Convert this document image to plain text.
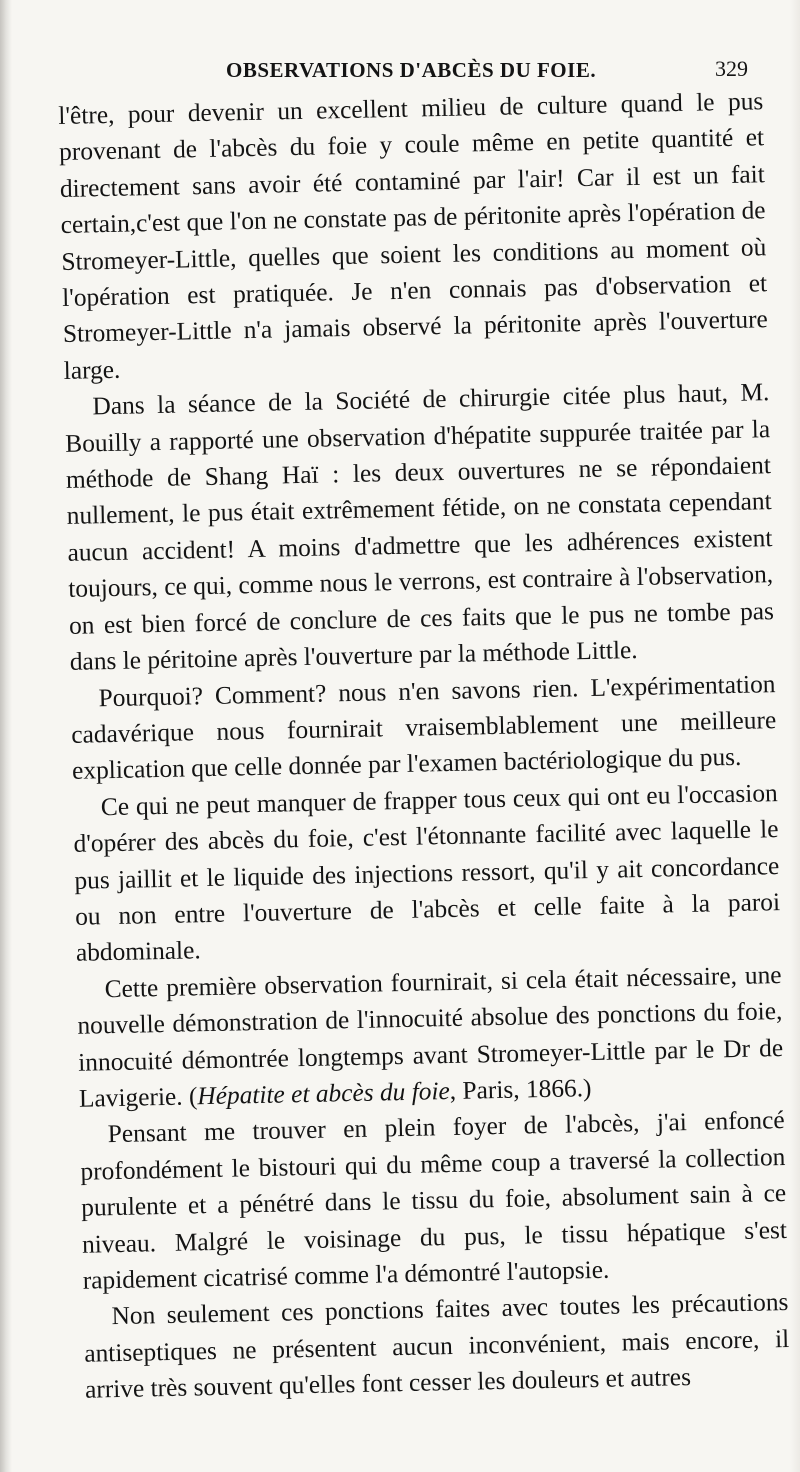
OBSERVATIONS D'ABCÈS DU FOIE.	329

l'être, pour devenir un excellent milieu de culture quand le pus provenant de l'abcès du foie y coule même en petite quantité et directement sans avoir été contaminé par l'air! Car il est un fait certain,c'est que l'on ne constate pas de péritonite après l'opération de Stromeyer-Little, quelles que soient les conditions au moment où l'opération est pratiquée. Je n'en connais pas d'observation et Stromeyer-Little n'a jamais observé la péritonite après l'ouverture large.

Dans la séance de la Société de chirurgie citée plus haut, M. Bouilly a rapporté une observation d'hépatite suppurée traitée par la méthode de Shang Haï : les deux ouvertures ne se répondaient nullement, le pus était extrêmement fétide, on ne constata cependant aucun accident! A moins d'admettre que les adhérences existent toujours, ce qui, comme nous le verrons, est contraire à l'observation, on est bien forcé de conclure de ces faits que le pus ne tombe pas dans le péritoine après l'ouverture par la méthode Little.

Pourquoi? Comment? nous n'en savons rien. L'expérimentation cadavérique nous fournirait vraisemblablement une meilleure explication que celle donnée par l'examen bactériologique du pus.

Ce qui ne peut manquer de frapper tous ceux qui ont eu l'occasion d'opérer des abcès du foie, c'est l'étonnante facilité avec laquelle le pus jaillit et le liquide des injections ressort, qu'il y ait concordance ou non entre l'ouverture de l'abcès et celle faite à la paroi abdominale.

Cette première observation fournirait, si cela était nécessaire, une nouvelle démonstration de l'innocuité absolue des ponctions du foie, innocuité démontrée longtemps avant Stromeyer-Little par le Dr de Lavigerie. (Hépatite et abcès du foie, Paris, 1866.)

Pensant me trouver en plein foyer de l'abcès, j'ai enfoncé profondément le bistouri qui du même coup a traversé la collection purulente et a pénétré dans le tissu du foie, absolument sain à ce niveau. Malgré le voisinage du pus, le tissu hépatique s'est rapidement cicatrisé comme l'a démontré l'autopsie.

Non seulement ces ponctions faites avec toutes les précautions antiseptiques ne présentent aucun inconvénient, mais encore, il arrive très souvent qu'elles font cesser les douleurs et autres
